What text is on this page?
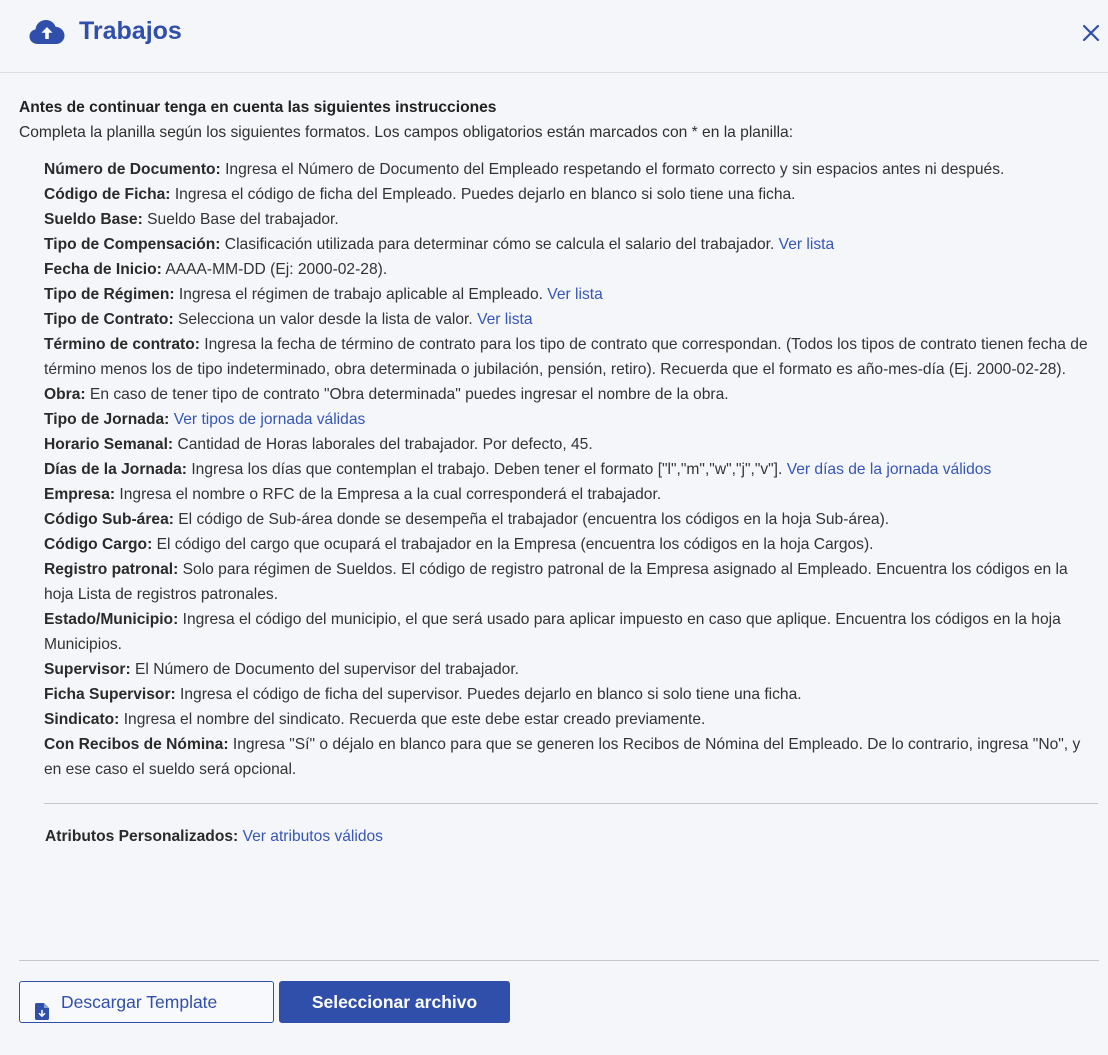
Trabajos
Antes de continuar tenga en cuenta las siguientes instrucciones
Completa la planilla según los siguientes formatos. Los campos obligatorios están marcados con * en la planilla:
Número de Documento: Ingresa el Número de Documento del Empleado respetando el formato correcto y sin espacios antes ni después.
Código de Ficha: Ingresa el código de ficha del Empleado. Puedes dejarlo en blanco si solo tiene una ficha.
Sueldo Base: Sueldo Base del trabajador.
Tipo de Compensación: Clasificación utilizada para determinar cómo se calcula el salario del trabajador. Ver lista
Fecha de Inicio: AAAA-MM-DD (Ej: 2000-02-28).
Tipo de Régimen: Ingresa el régimen de trabajo aplicable al Empleado. Ver lista
Tipo de Contrato: Selecciona un valor desde la lista de valor. Ver lista
Término de contrato: Ingresa la fecha de término de contrato para los tipo de contrato que correspondan. (Todos los tipos de contrato tienen fecha de término menos los de tipo indeterminado, obra determinada o jubilación, pensión, retiro). Recuerda que el formato es año-mes-día (Ej. 2000-02-28).
Obra: En caso de tener tipo de contrato "Obra determinada" puedes ingresar el nombre de la obra.
Tipo de Jornada: Ver tipos de jornada válidas
Horario Semanal: Cantidad de Horas laborales del trabajador. Por defecto, 45.
Días de la Jornada: Ingresa los días que contemplan el trabajo. Deben tener el formato ["l","m","w","j","v"]. Ver días de la jornada válidos
Empresa: Ingresa el nombre o RFC de la Empresa a la cual corresponderá el trabajador.
Código Sub-área: El código de Sub-área donde se desempeña el trabajador (encuentra los códigos en la hoja Sub-área).
Código Cargo: El código del cargo que ocupará el trabajador en la Empresa (encuentra los códigos en la hoja Cargos).
Registro patronal: Solo para régimen de Sueldos. El código de registro patronal de la Empresa asignado al Empleado. Encuentra los códigos en la hoja Lista de registros patronales.
Estado/Municipio: Ingresa el código del municipio, el que será usado para aplicar impuesto en caso que aplique. Encuentra los códigos en la hoja Municipios.
Supervisor: El Número de Documento del supervisor del trabajador.
Ficha Supervisor: Ingresa el código de ficha del supervisor. Puedes dejarlo en blanco si solo tiene una ficha.
Sindicato: Ingresa el nombre del sindicato. Recuerda que este debe estar creado previamente.
Con Recibos de Nómina: Ingresa "Sí" o déjalo en blanco para que se generen los Recibos de Nómina del Empleado. De lo contrario, ingresa "No", y en ese caso el sueldo será opcional.
Atributos Personalizados: Ver atributos válidos
Descargar Template	Seleccionar archivo
